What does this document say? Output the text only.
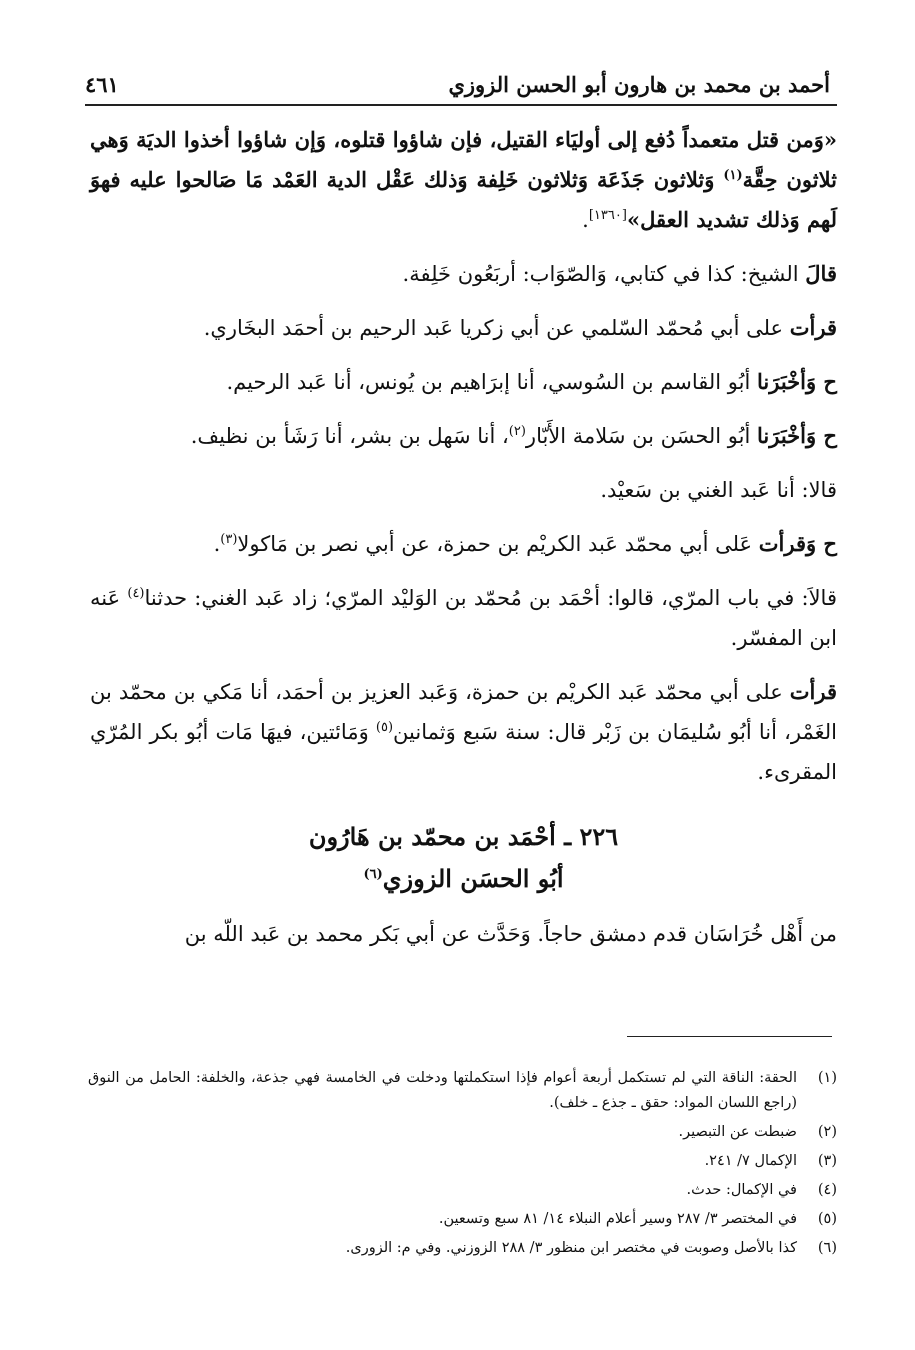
أحمد بن محمد بن هارون أبو الحسن الزوزي
٤٦١

«وَمن قتل متعمداً دُفع إلى أوليَاء القتيل، فإن شاؤوا قتلوه، وَإن شاؤوا أخذوا الديَة وَهي ثلاثون حِقَّة$^{(١)}$ وَثلاثون جَذَعَة وَثلاثون خَلِفة وَذلك عَقْل الدية العَمْد مَا صَالحوا عليه فهوَ لَهم وَذلك تشديد العقل»[١٣٦٠].

قالَ الشيخ: كذا في كتابي، وَالصّوَاب: أربَعُون خَلِفة.

قرأت على أبي مُحمّد السّلمي عن أبي زكريا عَبد الرحيم بن أحمَد البخَاري.

ح وَأخْبَرَنا أبُو القاسم بن السُوسي، أنا إبرَاهيم بن يُونس، أنا عَبد الرحيم.

ح وَأخْبَرَنا أبُو الحسَن بن سَلامة الأَبّار$^{(٢)}$، أنا سَهل بن بشر، أنا رَشَأ بن نظيف.

قالا: أنا عَبد الغني بن سَعيْد.

ح وَقرأت عَلى أبي محمّد عَبد الكريْم بن حمزة، عن أبي نصر بن مَاكولا$^{(٣)}$.

قالاَ: في باب المرّي، قالوا: أحْمَد بن مُحمّد بن الوَليْد المرّي؛ زاد عَبد الغني: حدثنا$^{(٤)}$ عَنه ابن المفسّر.

قرأت على أبي محمّد عَبد الكريْم بن حمزة، وَعَبد العزيز بن أحمَد، أنا مَكي بن محمّد بن الغَمْر، أنا أبُو سُليمَان بن زَبْر قال: سنة سَبع وَثمانين$^{(٥)}$ وَمَائتين، فيهَا مَات أبُو بكر المُرّي المقرىء.

٢٢٦ ـ أحْمَد بن محمّد بن هَارُون

أبُو الحسَن الزوزي$^{(٦)}$

من أَهْل خُرَاسَان قدم دمشق حاجاً. وَحَدَّث عن أبي بَكر محمد بن عَبد اللّه بن

(١)
الحقة: الناقة التي لم تستكمل أربعة أعوام فإذا استكملتها ودخلت في الخامسة فهي جذعة، والخلفة: الحامل من النوق (راجع اللسان المواد: حقق ـ جذع ـ خلف).
(٢)
ضبطت عن التبصير.
(٣)
الإكمال ٧/ ٢٤١.
(٤)
في الإكمال: حدث.
(٥)
في المختصر ٣/ ٢٨٧ وسير أعلام النبلاء ١٤/ ٨١ سبع وتسعين.
(٦)
كذا بالأصل وصوبت في مختصر ابن منظور ٣/ ٢٨٨ الزوزني. وفي م: الزورى.
